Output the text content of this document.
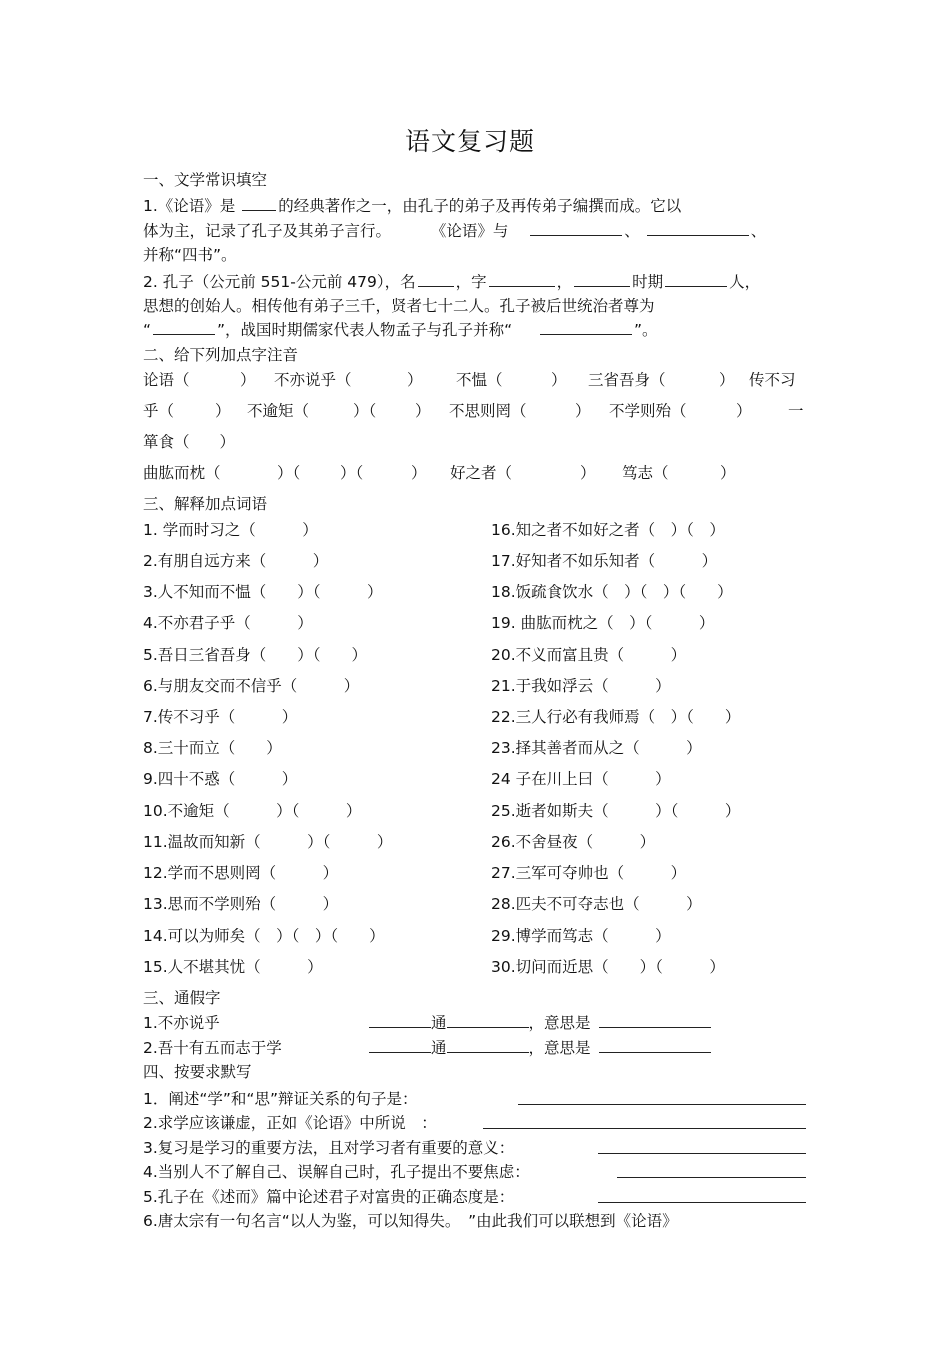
语文复习题
一、文学常识填空
1.《论语》是	的经典著作之一，由孔子的弟子及再传弟子编撰而成。它以
体为主，记录了孔子及其弟子言行。	《论语》与	、	、
并称“四书”。
2. 孔子（公元前 551-公元前 479），名	，字	，	时期	人，
思想的创始人。相传他有弟子三千，贤者七十二人。孔子被后世统治者尊为
“	”，战国时期儒家代表人物孟子与孔子并称“	”。
二、给下列加点字注音
论语（	） 不亦说乎（	） 不愠（	） 三省吾身（	） 传不习
乎（	） 不逾矩（	）（ ） 不思则罔（	） 不学则殆（	） 一
箪食（ ）
曲肱而枕（	）（	）（	） 好之者（	） 笃志（	）
三、解释加点词语
1. 学而时习之（　　　）
2.有朋自远方来（　　　）
3.人不知而不愠（　　）（　　　）
4.不亦君子乎（　　　）
5.吾日三省吾身（　　）（　　）
6.与朋友交而不信乎（　　　）
7.传不习乎（　　　）
8.三十而立（　　）
9.四十不惑（　　　）
10.不逾矩（　　　）（　　　）
11.温故而知新（　　　）（　　　）
12.学而不思则罔（　　　）
13.思而不学则殆（　　　）
14.可以为师矣（　）（　）（　　）
15.人不堪其忧（　　　）
16.知之者不如好之者（　）（　）
17.好知者不如乐知者（　　　）
18.饭疏食饮水（　）（　）（　　）
19. 曲肱而枕之（　）（　　　）
20.不义而富且贵（　　　）
21.于我如浮云（　　　）
22.三人行必有我师焉（　）（　　）
23.择其善者而从之（　　　）
24 子在川上曰（　　　）
25.逝者如斯夫（　　　）（　　　）
26.不舍昼夜（　　　）
27.三军可夺帅也（　　　）
28.匹夫不可夺志也（　　　）
29.博学而笃志（　　　）
30.切问而近思（　　）（　　　）
三、通假字
1.不亦说乎	通	，意思是
2.吾十有五而志于学	通	，意思是
四、按要求默写
1．阐述“学”和“思”辩证关系的句子是：
2.求学应该谦虚，正如《论语》中所说　：
3.复习是学习的重要方法，且对学习者有重要的意义：
4.当别人不了解自己、误解自己时，孔子提出不要焦虑：
5.孔子在《述而》篇中论述君子对富贵的正确态度是：
6.唐太宗有一句名言“以人为鉴，可以知得失。　”由此我们可以联想到《论语》
